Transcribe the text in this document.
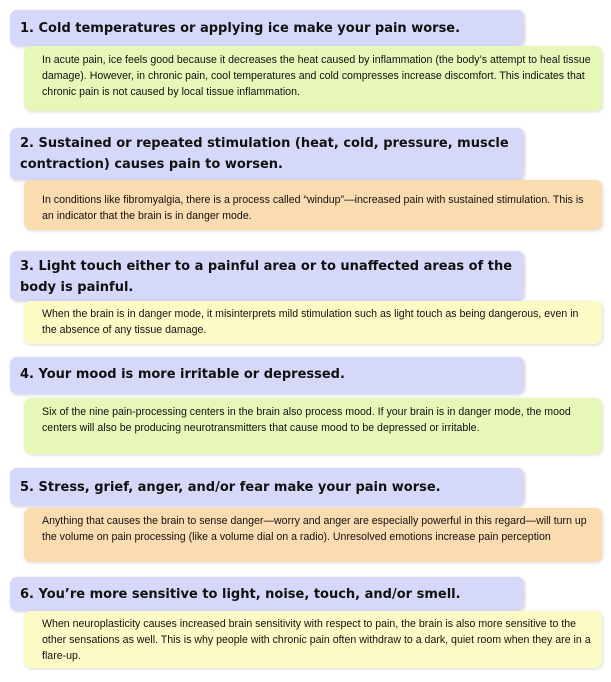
1. Cold temperatures or applying ice make your pain worse.
In acute pain, ice feels good because it decreases the heat caused by inflammation (the body’s attempt to heal tissue damage). However, in chronic pain, cool temperatures and cold compresses increase discomfort. This indicates that chronic pain is not caused by local tissue inflammation.
2. Sustained or repeated stimulation (heat, cold, pressure, muscle contraction) causes pain to worsen.
In conditions like fibromyalgia, there is a process called “windup”—increased pain with sustained stimulation. This is an indicator that the brain is in danger mode.
3. Light touch either to a painful area or to unaffected areas of the body is painful.
When the brain is in danger mode, it misinterprets mild stimulation such as light touch as being dangerous, even in the absence of any tissue damage.
4. Your mood is more irritable or depressed.
Six of the nine pain-processing centers in the brain also process mood. If your brain is in danger mode, the mood centers will also be producing neurotransmitters that cause mood to be depressed or irritable.
5. Stress, grief, anger, and/or fear make your pain worse.
Anything that causes the brain to sense danger—worry and anger are especially powerful in this regard—will turn up the volume on pain processing (like a volume dial on a radio). Unresolved emotions increase pain perception
6. You’re more sensitive to light, noise, touch, and/or smell.
When neuroplasticity causes increased brain sensitivity with respect to pain, the brain is also more sensitive to the other sensations as well. This is why people with chronic pain often withdraw to a dark, quiet room when they are in a flare-up.
